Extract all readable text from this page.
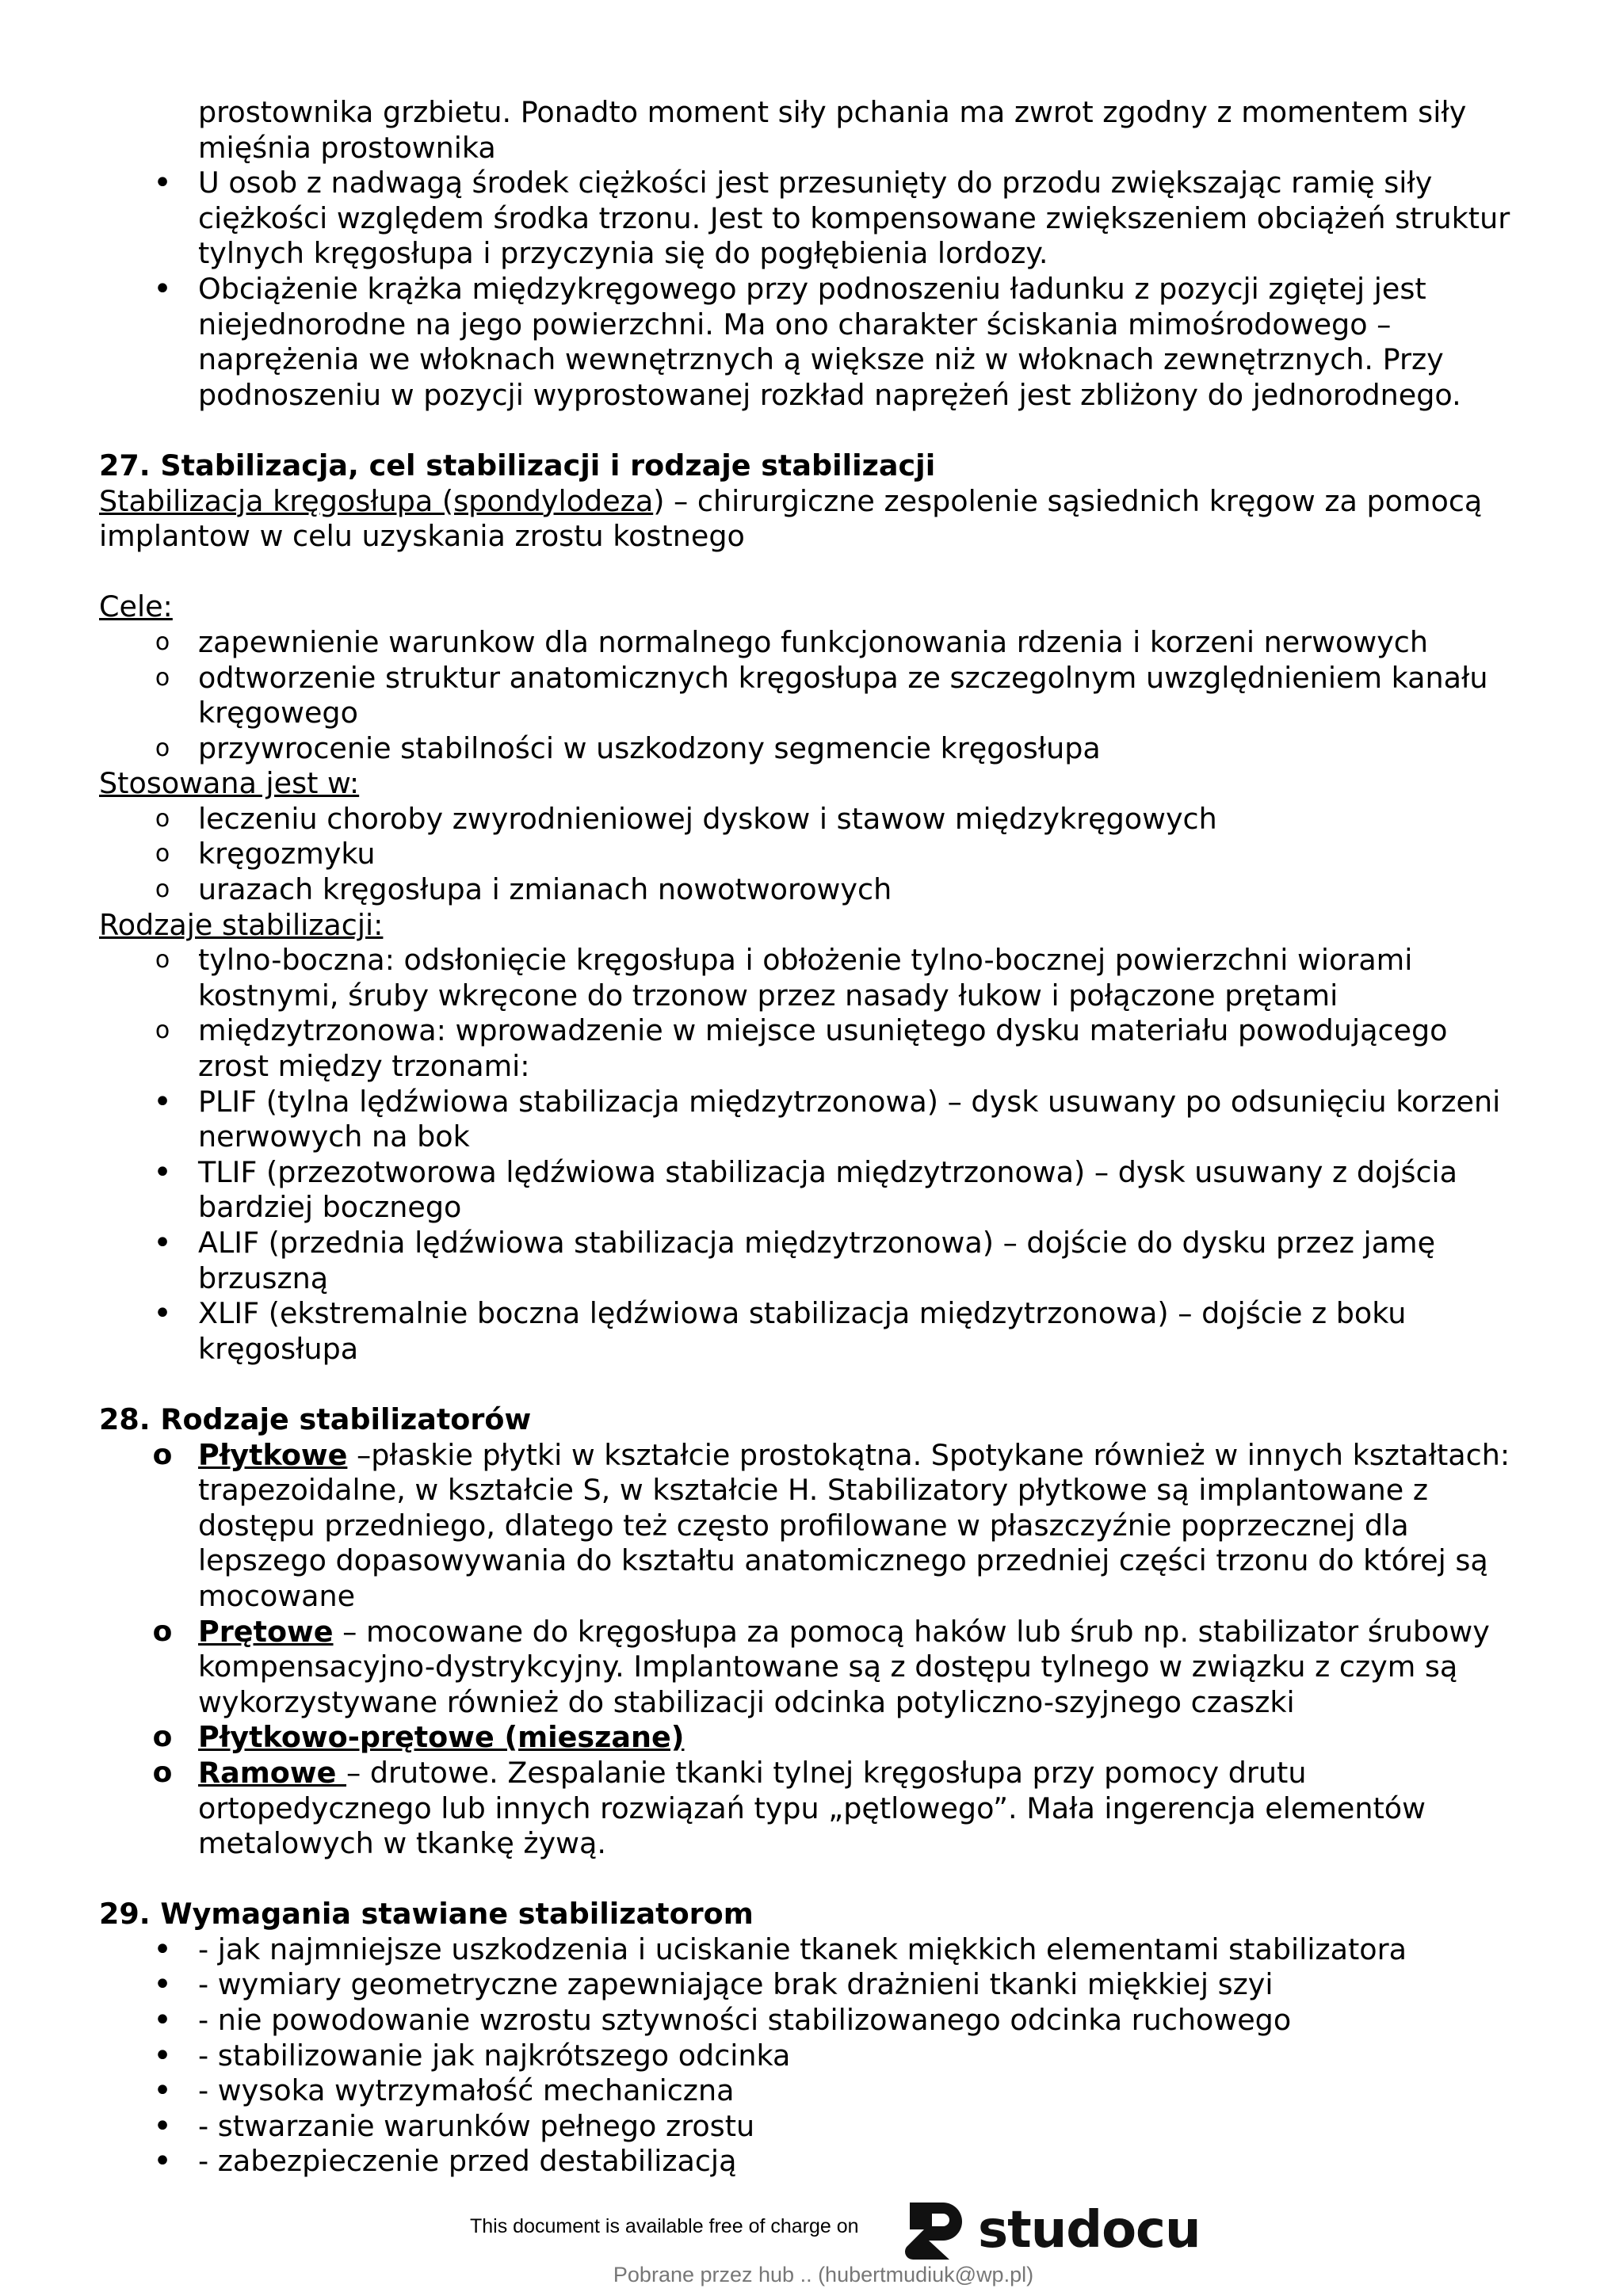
prostownika grzbietu. Ponadto moment siły pchania ma zwrot zgodny z momentem siły mięśnia prostownika

• U osob z nadwagą środek ciężkości jest przesunięty do przodu zwiększając ramię siły ciężkości względem środka trzonu. Jest to kompensowane zwiększeniem obciążeń struktur tylnych kręgosłupa i przyczynia się do pogłębienia lordozy.
• Obciążenie krążka międzykręgowego przy podnoszeniu ładunku z pozycji zgiętej jest niejednorodne na jego powierzchni. Ma ono charakter ściskania mimośrodowego – naprężenia we włoknach wewnętrznych ą większe niż w włoknach zewnętrznych. Przy podnoszeniu w pozycji wyprostowanej rozkład naprężeń jest zbliżony do jednorodnego.

27. Stabilizacja, cel stabilizacji i rodzaje stabilizacji

Stabilizacja kręgosłupa (spondylodeza) – chirurgiczne zespolenie sąsiednich kręgow za pomocą implantow w celu uzyskania zrostu kostnego

Cele:

o zapewnienie warunkow dla normalnego funkcjonowania rdzenia i korzeni nerwowych
o odtworzenie struktur anatomicznych kręgosłupa ze szczegolnym uwzględnieniem kanału kręgowego
o przywrocenie stabilności w uszkodzony segmencie kręgosłupa

Stosowana jest w:

o leczeniu choroby zwyrodnieniowej dyskow i stawow międzykręgowych
o kręgozmyku
o urazach kręgosłupa i zmianach nowotworowych

Rodzaje stabilizacji:

o tylno-boczna: odsłonięcie kręgosłupa i obłożenie tylno-bocznej powierzchni wiorami kostnymi, śruby wkręcone do trzonow przez nasady łukow i połączone prętami
o międzytrzonowa: wprowadzenie w miejsce usuniętego dysku materiału powodującego zrost między trzonami:
• PLIF (tylna lędźwiowa stabilizacja międzytrzonowa) – dysk usuwany po odsunięciu korzeni nerwowych na bok
• TLIF (przezotworowa lędźwiowa stabilizacja międzytrzonowa) – dysk usuwany z dojścia bardziej bocznego
• ALIF (przednia lędźwiowa stabilizacja międzytrzonowa) – dojście do dysku przez jamę brzuszną
• XLIF (ekstremalnie boczna lędźwiowa stabilizacja międzytrzonowa) – dojście z boku kręgosłupa

28. Rodzaje stabilizatorów

o Płytkowe –płaskie płytki w kształcie prostokątna. Spotykane również w innych kształtach: trapezoidalne, w kształcie S, w kształcie H. Stabilizatory płytkowe są implantowane z dostępu przedniego, dlatego też często profilowane w płaszczyźnie poprzecznej dla lepszego dopasowywania do kształtu anatomicznego przedniej części trzonu do której są mocowane
o Prętowe – mocowane do kręgosłupa za pomocą haków lub śrub np. stabilizator śrubowy kompensacyjno-dystrykcyjny. Implantowane są z dostępu tylnego w związku z czym są wykorzystywane również do stabilizacji odcinka potyliczno-szyjnego czaszki
o Płytkowo-prętowe (mieszane)
o Ramowe – drutowe. Zespalanie tkanki tylnej kręgosłupa przy pomocy drutu ortopedycznego lub innych rozwiązań typu „pętlowego”. Mała ingerencja elementów metalowych w tkankę żywą.

29. Wymagania stawiane stabilizatorom

• - jak najmniejsze uszkodzenia i uciskanie tkanek miękkich elementami stabilizatora
• - wymiary geometryczne zapewniające brak drażnieni tkanki miękkiej szyi
• - nie powodowanie wzrostu sztywności stabilizowanego odcinka ruchowego
• - stabilizowanie jak najkrótszego odcinka
• - wysoka wytrzymałość mechaniczna
• - stwarzanie warunków pełnego zrostu
• - zabezpieczenie przed destabilizacją
This document is available free of charge on studocu
Pobrane przez hub .. (hubertmudiuk@wp.pl)
